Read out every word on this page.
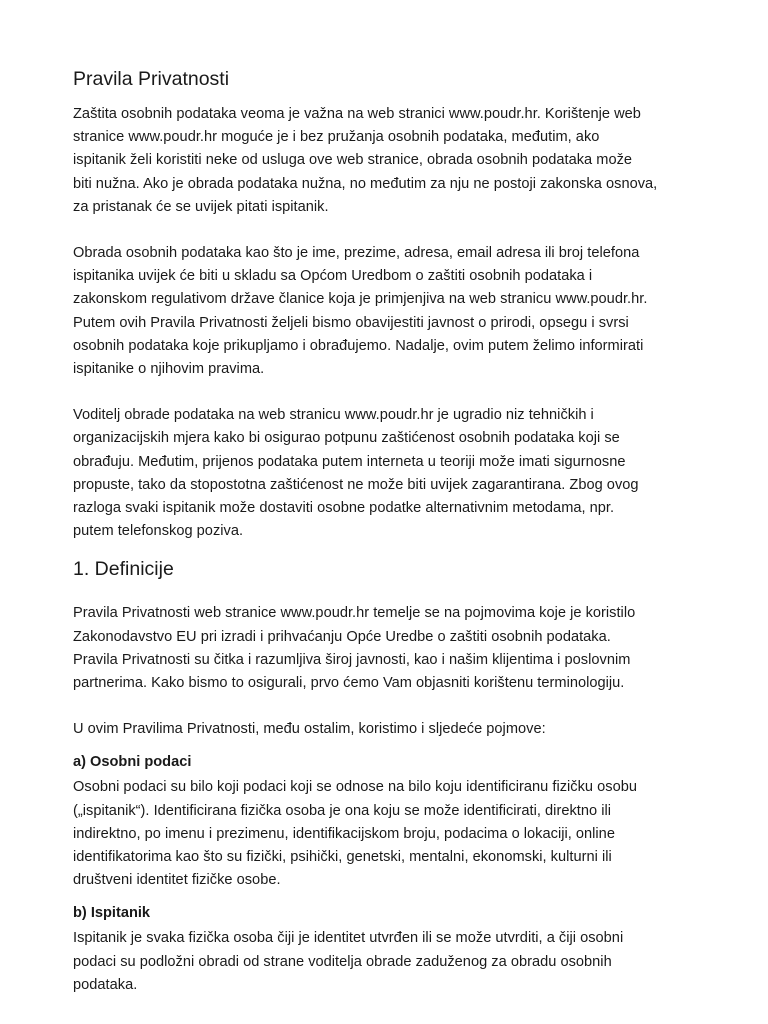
Pravila Privatnosti

Zaštita osobnih podataka veoma je važna na web stranici www.poudr.hr. Korištenje web
stranice www.poudr.hr moguće je i bez pružanja osobnih podataka, međutim, ako
ispitanik želi koristiti neke od usluga ove web stranice, obrada osobnih podataka može
biti nužna. Ako je obrada podataka nužna, no međutim za nju ne postoji zakonska osnova,
za pristanak će se uvijek pitati ispitanik.

Obrada osobnih podataka kao što je ime, prezime, adresa, email adresa ili broj telefona
ispitanika uvijek će biti u skladu sa Općom Uredbom o zaštiti osobnih podataka i
zakonskom regulativom države članice koja je primjenjiva na web stranicu www.poudr.hr.
Putem ovih Pravila Privatnosti željeli bismo obavijestiti javnost o prirodi, opsegu i svrsi
osobnih podataka koje prikupljamo i obrađujemo. Nadalje, ovim putem želimo informirati
ispitanike o njihovim pravima.

Voditelj obrade podataka na web stranicu www.poudr.hr je ugradio niz tehničkih i
organizacijskih mjera kako bi osigurao potpunu zaštićenost osobnih podataka koji se
obrađuju. Međutim, prijenos podataka putem interneta u teoriji može imati sigurnosne
propuste, tako da stopostotna zaštićenost ne može biti uvijek zagarantirana. Zbog ovog
razloga svaki ispitanik može dostaviti osobne podatke alternativnim metodama, npr.
putem telefonskog poziva.

1. Definicije

Pravila Privatnosti web stranice www.poudr.hr temelje se na pojmovima koje je koristilo
Zakonodavstvo EU pri izradi i prihvaćanju Opće Uredbe o zaštiti osobnih podataka.
Pravila Privatnosti su čitka i razumljiva široj javnosti, kao i našim klijentima i poslovnim
partnerima. Kako bismo to osigurali, prvo ćemo Vam objasniti korištenu terminologiju.

U ovim Pravilima Privatnosti, među ostalim, koristimo i sljedeće pojmove:

a) Osobni podaci

Osobni podaci su bilo koji podaci koji se odnose na bilo koju identificiranu fizičku osobu
(„ispitanik“). Identificirana fizička osoba je ona koju se može identificirati, direktno ili
indirektno, po imenu i prezimenu, identifikacijskom broju, podacima o lokaciji, online
identifikatorima kao što su fizički, psihički, genetski, mentalni, ekonomski, kulturni ili
društveni identitet fizičke osobe.

b) Ispitanik

Ispitanik je svaka fizička osoba čiji je identitet utvrđen ili se može utvrditi, a čiji osobni
podaci su podložni obradi od strane voditelja obrade zaduženog za obradu osobnih
podataka.
